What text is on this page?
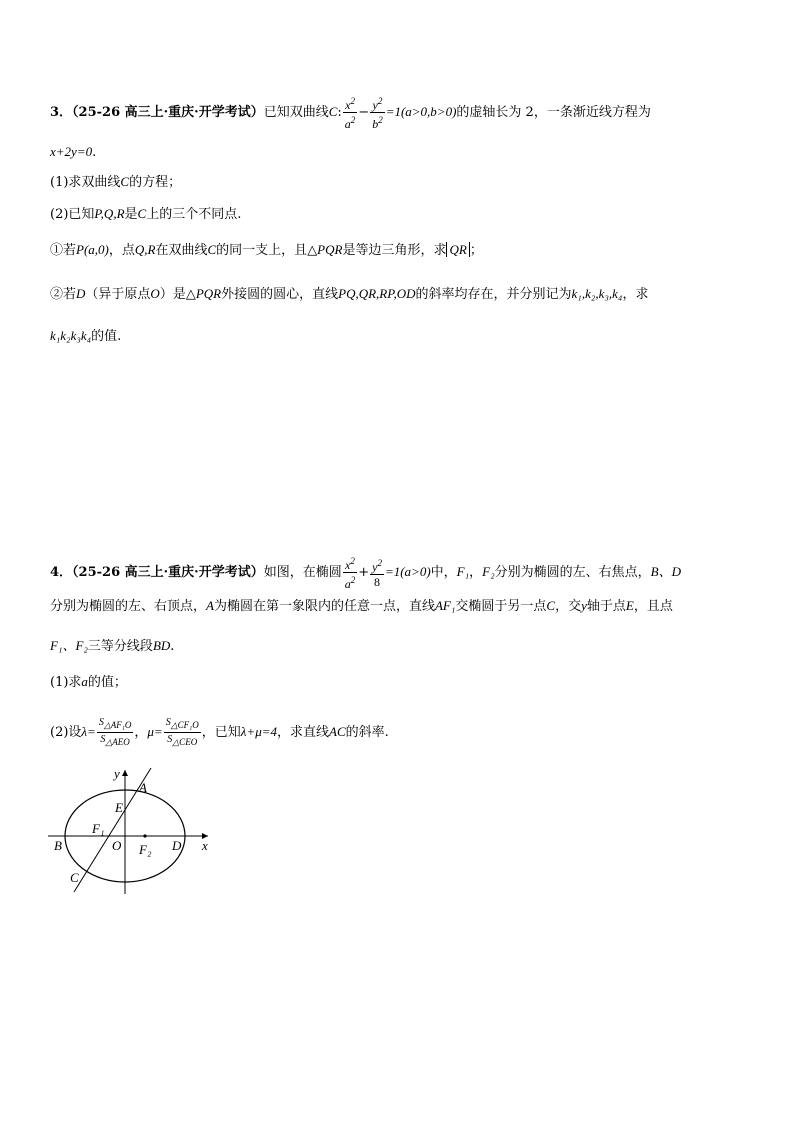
3．（25-26 高三上·重庆·开学考试）已知双曲线C: $\frac{x^2}{a^2} - \frac{y^2}{b^2} =1(a>0,b>0)$的虚轴长为 2，一条渐近线方程为
x+2y=0.
(1)求双曲线C的方程；
(2)已知P,Q,R是C上的三个不同点.
①若P(a,0)，点Q,R在双曲线C的同一支上，且△PQR是等边三角形，求 QR ；
②若D（异于原点O）是△PQR外接圆的圆心，直线PQ,QR,RP,OD的斜率均存在，并分别记为k₁,k₂,k₃,k₄，求
k₁k₂k₃k₄的值.
4．（25-26 高三上·重庆·开学考试）如图，在椭圆 $\frac{x^2}{a^2} + \frac{y^2}{8} =1(a>0)$中，F₁，F₂分别为椭圆的左、右焦点，B、D
分别为椭圆的左、右顶点，A为椭圆在第一象限内的任意一点，直线AF₁交椭圆于另一点C，交y轴于点E，且点
F₁、F₂三等分线段BD.
(1)求a的值；
(2)设$\lambda= \frac{S_{\triangle AF_1O}}{S_{\triangle AEO}}$ ，$\mu= \frac{S_{\triangle CF_1O}}{S_{\triangle CEO}}$ ，已知λ+μ=4，求直线AC的斜率.
y
x
A
E
F₁
B	O F₂ D
C
